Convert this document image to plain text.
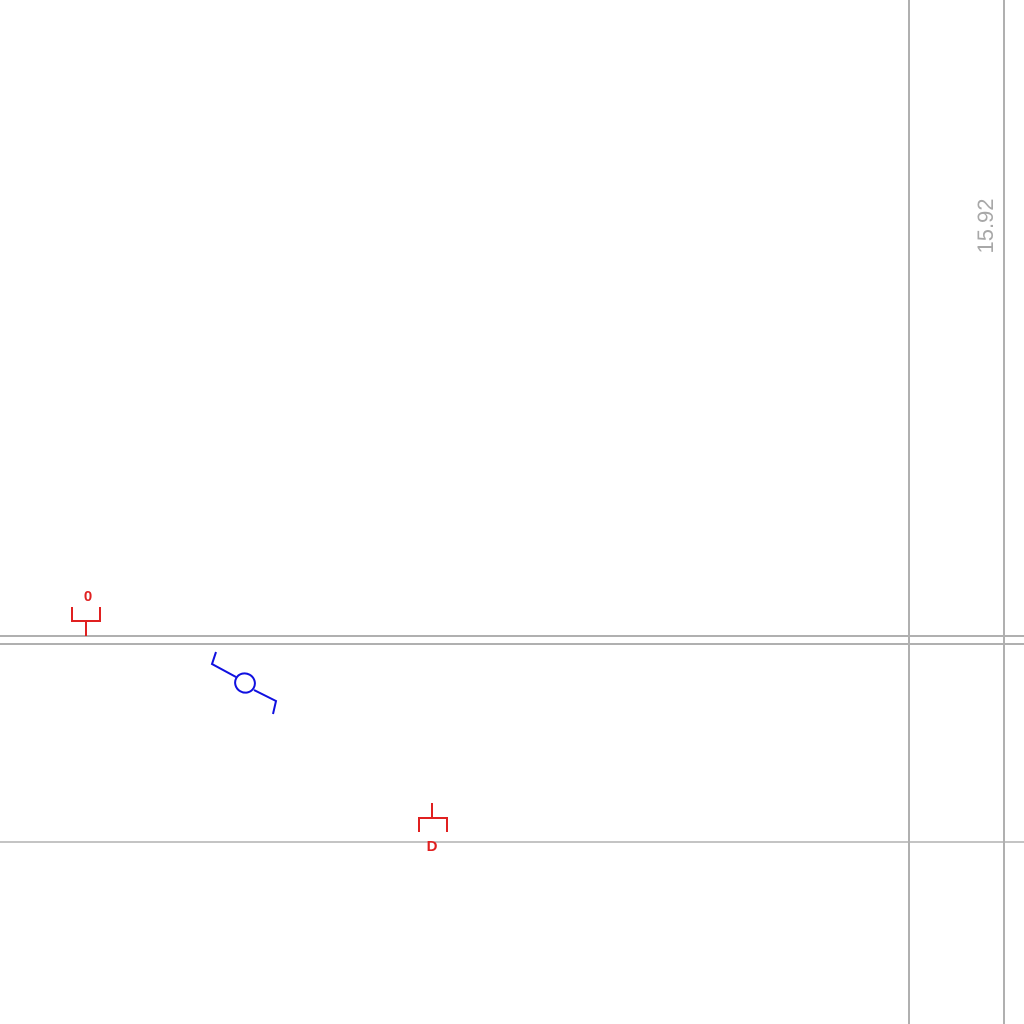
15.92
0
D
